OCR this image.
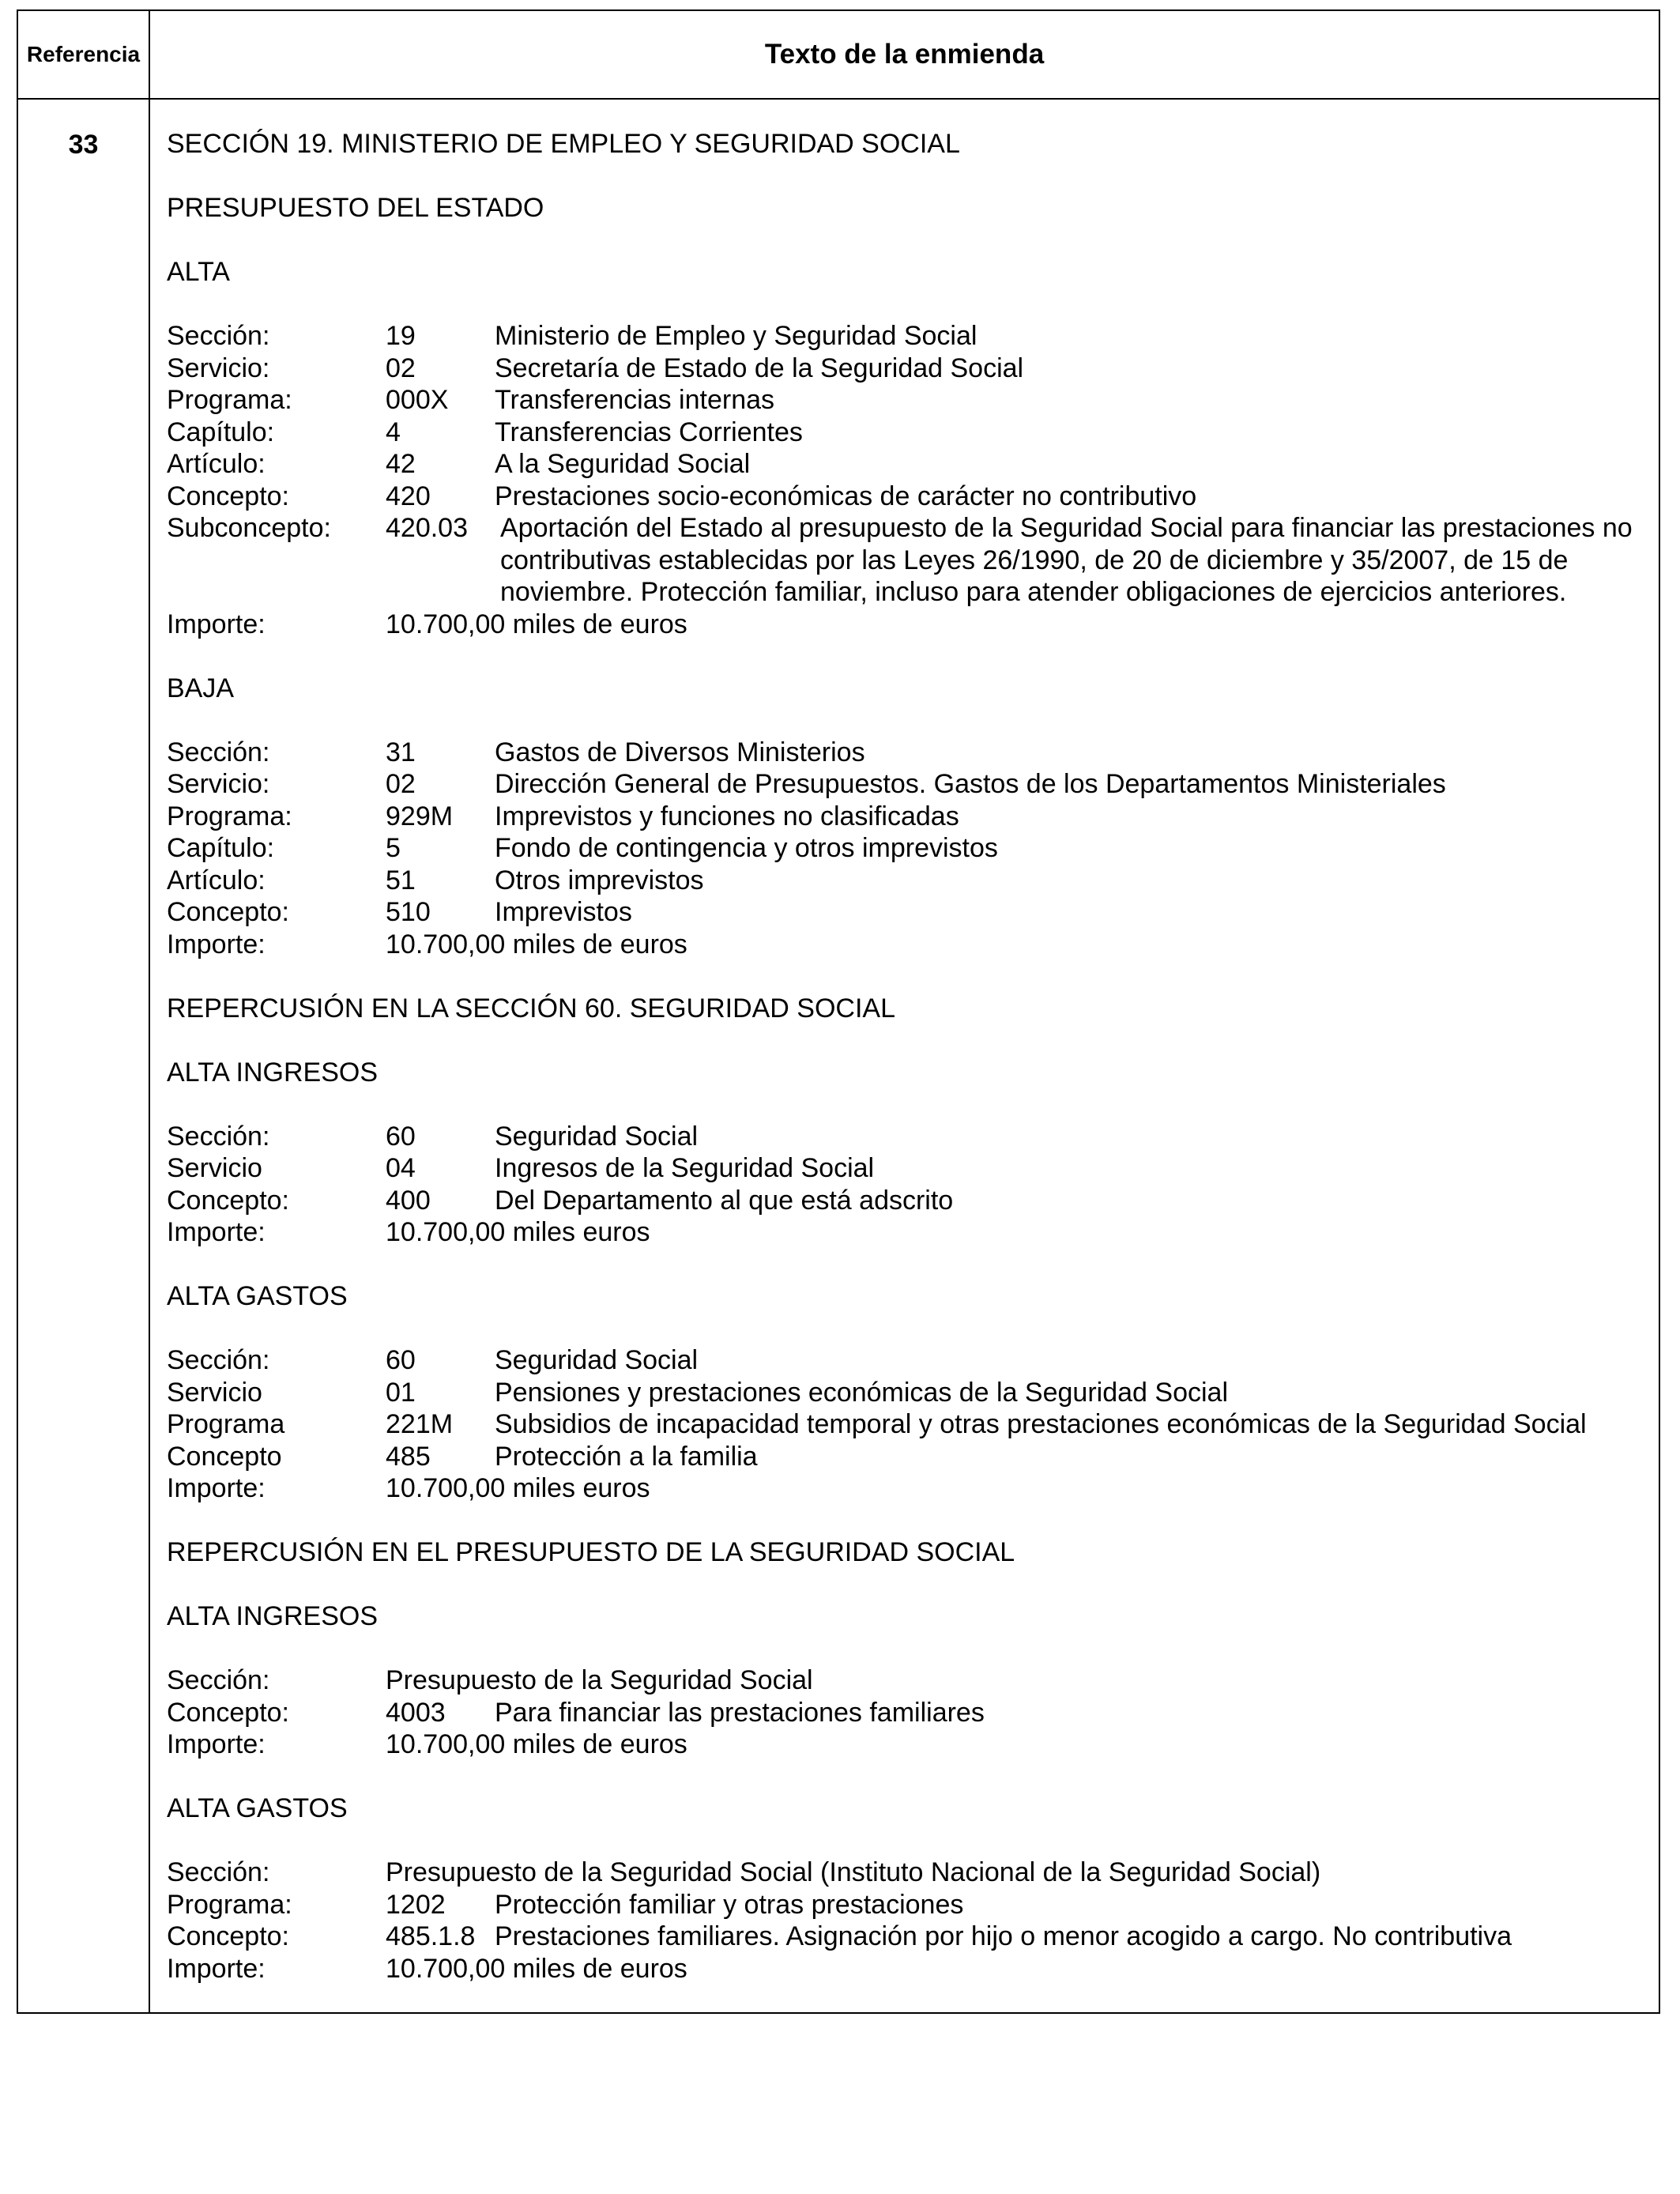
Referencia	Texto de la enmienda
33	SECCIÓN 19. MINISTERIO DE EMPLEO Y SEGURIDAD SOCIAL
PRESUPUESTO DEL ESTADO
ALTA
Sección:	19	Ministerio de Empleo y Seguridad Social
Servicio:	02	Secretaría de Estado de la Seguridad Social
Programa:	000X	Transferencias internas
Capítulo:	4	Transferencias Corrientes
Artículo:	42	A la Seguridad Social
Concepto:	420	Prestaciones socio-económicas de carácter no contributivo
Subconcepto:	420.03	Aportación del Estado al presupuesto de la Seguridad Social para financiar las prestaciones no contributivas establecidas por las Leyes 26/1990, de 20 de diciembre y 35/2007, de 15 de noviembre. Protección familiar, incluso para atender obligaciones de ejercicios anteriores.
Importe:	10.700,00 miles de euros
BAJA
Sección:	31	Gastos de Diversos Ministerios
Servicio:	02	Dirección General de Presupuestos. Gastos de los Departamentos Ministeriales
Programa:	929M	Imprevistos y funciones no clasificadas
Capítulo:	5	Fondo de contingencia y otros imprevistos
Artículo:	51	Otros imprevistos
Concepto:	510	Imprevistos
Importe:	10.700,00 miles de euros
REPERCUSIÓN EN LA SECCIÓN 60. SEGURIDAD SOCIAL
ALTA INGRESOS
Sección:	60	Seguridad Social
Servicio	04	Ingresos de la Seguridad Social
Concepto:	400	Del Departamento al que está adscrito
Importe:	10.700,00 miles euros
ALTA GASTOS
Sección:	60	Seguridad Social
Servicio	01	Pensiones y prestaciones económicas de la Seguridad Social
Programa	221M	Subsidios de incapacidad temporal y otras prestaciones económicas de la Seguridad Social
Concepto	485	Protección a la familia
Importe:	10.700,00 miles euros
REPERCUSIÓN EN EL PRESUPUESTO DE LA SEGURIDAD SOCIAL
ALTA INGRESOS
Sección:	Presupuesto de la Seguridad Social
Concepto:	4003	Para financiar las prestaciones familiares
Importe:	10.700,00 miles de euros
ALTA GASTOS
Sección:	Presupuesto de la Seguridad Social (Instituto Nacional de la Seguridad Social)
Programa:	1202	Protección familiar y otras prestaciones
Concepto:	485.1.8 Prestaciones familiares. Asignación por hijo o menor acogido a cargo. No contributiva
Importe:	10.700,00 miles de euros
